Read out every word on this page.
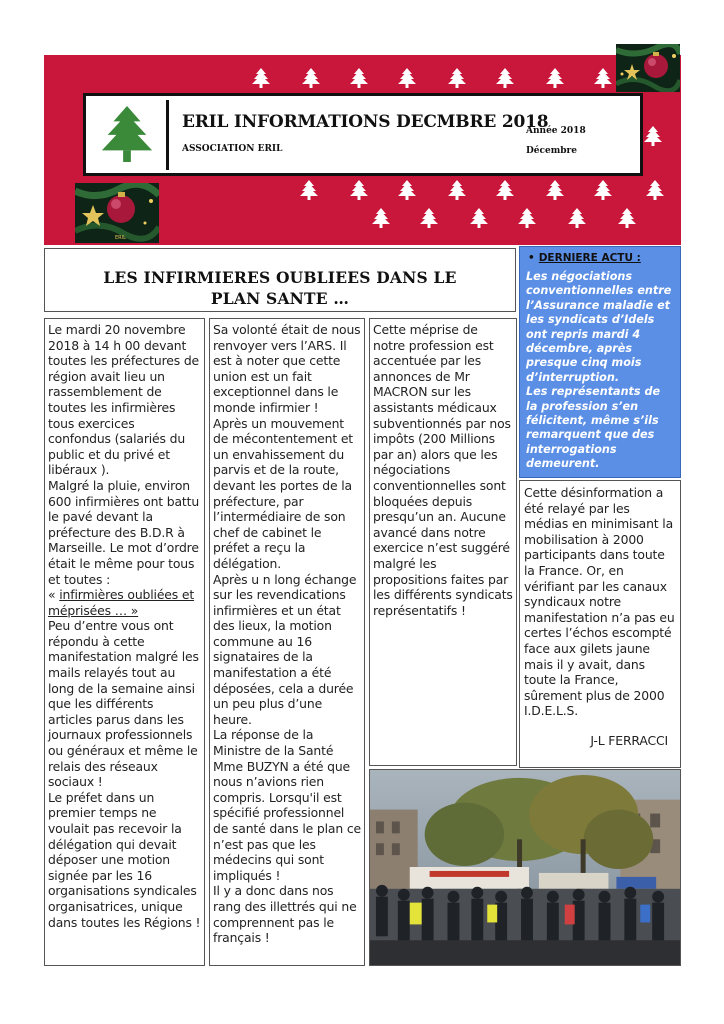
ERIL INFORMATIONS DECMBRE 2018
ASSOCIATION ERIL
Année 2018
Décembre
ERIL
LES INFIRMIERES OUBLIEES DANS LE
PLAN SANTE …
• DERNIERE ACTU :

Les négociations conventionnelles entre l’Assurance maladie et les syndicats d’Idels ont repris mardi 4 décembre, après presque cinq mois d’interruption.

Les représentants de la profession s’en félicitent, même s’ils remarquent que des interrogations demeurent.

Le mardi 20 novembre 2018 à 14 h 00 devant toutes les préfectures de région avait lieu un rassemblement de toutes les infirmières tous exercices confondus (salariés du public et du privé et libéraux ).

Malgré la pluie, environ 600 infirmières ont battu le pavé devant la préfecture des B.D.R à Marseille. Le mot d’ordre était le même pour tous et toutes :

« infirmières oubliées et méprisées … »

Peu d’entre vous ont répondu à cette manifestation malgré les mails relayés tout au long de la semaine ainsi que les différents articles parus dans les journaux professionnels ou généraux et même le relais des réseaux sociaux !

Le préfet dans un premier temps ne voulait pas recevoir la délégation qui devait déposer une motion signée par les 16 organisations syndicales organisatrices, unique dans toutes les Régions !

Sa volonté était de nous renvoyer vers l’ARS. Il est à noter que cette union est un fait exceptionnel dans le monde infirmier !

Après un mouvement de mécontentement et un envahissement du parvis et de la route, devant les portes de la préfecture, par l’intermédiaire de son chef de cabinet le préfet a reçu la délégation.

Après u n long échange sur les revendications infirmières et un état des lieux, la motion commune au 16 signataires de la manifestation a été déposées, cela a durée un peu plus d’une heure.

La réponse de la Ministre de la Santé Mme BUZYN a été que nous n’avions rien compris. Lorsqu'il est spécifié professionnel de santé dans le plan ce n’est pas que les médecins qui sont impliqués !

Il y a donc dans nos rang des illettrés qui ne comprennent pas le français !

Cette méprise de notre profession est accentuée par les annonces de Mr MACRON sur les assistants médicaux subventionnés par nos impôts (200 Millions par an) alors que les négociations conventionnelles sont bloquées depuis presqu’un an. Aucune avancé dans notre exercice n’est suggéré malgré les propositions faites par les différents syndicats représentatifs !

Cette désinformation a été relayé par les médias en minimisant la mobilisation à 2000 participants dans toute la France. Or, en vérifiant par les canaux syndicaux notre manifestation n’a pas eu certes l’échos escompté face aux gilets jaune mais il y avait, dans toute la France, sûrement plus de 2000 I.D.E.L.S.

J-L FERRACCI
